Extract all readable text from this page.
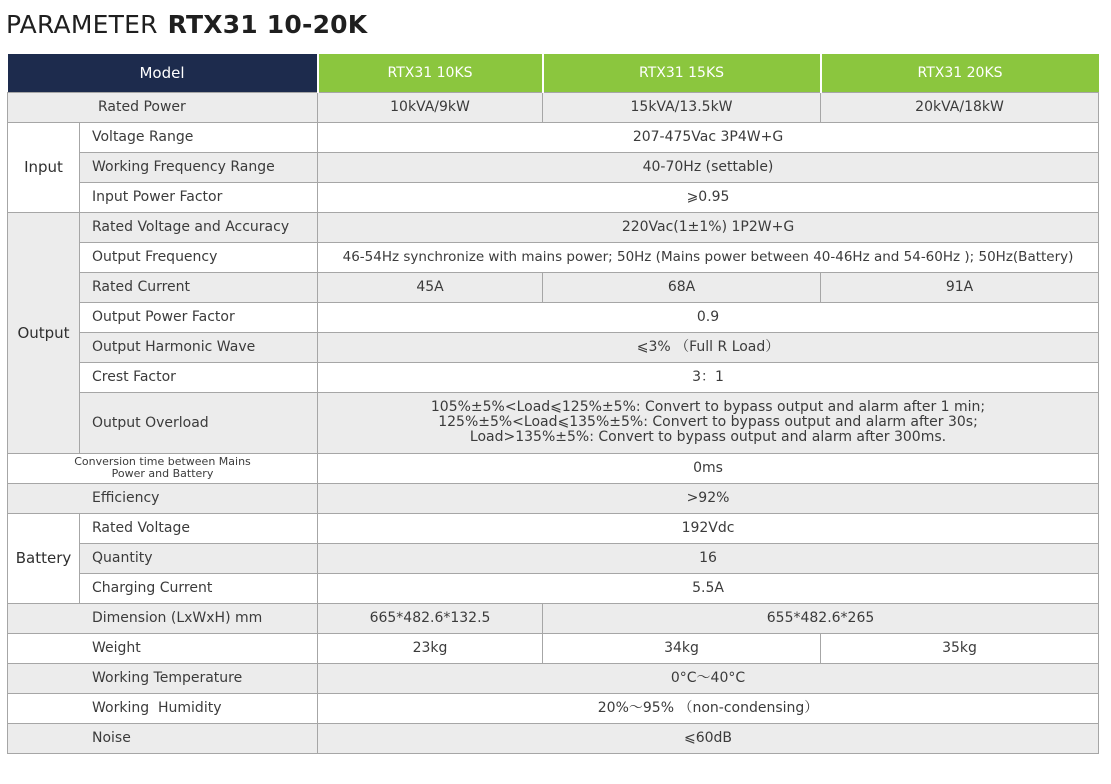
PARAMETER RTX31 10-20K
Model		RTX31 10KS	RTX31 15KS	RTX31 20KS
Rated Power		10kVA/9kW	15kVA/13.5kW	20kVA/18kW
Input	Voltage Range	207-475Vac 3P4W+G		
	Working Frequency Range	40-70Hz (settable)		
	Input Power Factor	⩾0.95		
Output	Rated Voltage and Accuracy	220Vac(1±1%) 1P2W+G		
	Output Frequency	46-54Hz synchronize with mains power; 50Hz (Mains power between 40-46Hz and 54-60Hz ); 50Hz(Battery)		
	Rated Current	45A	68A	91A
	Output Power Factor	0.9		
	Output Harmonic Wave	⩽3% （Full R Load）		
	Crest Factor	3：1		
	Output Overload	105%±5%<Load⩽125%±5%: Convert to bypass output and alarm after 1 min;
125%±5%<Load⩽135%±5%: Convert to bypass output and alarm after 30s;
Load>135%±5%: Convert to bypass output and alarm after 300ms.		

Conversion time between Mains
Power and Battery		0ms		
Efficiency		>92%		
Battery	Rated Voltage	192Vdc		
	Quantity	16		
	Charging Current	5.5A		
Dimension (LxWxH) mm		665*482.6*132.5	655*482.6*265	
Weight		23kg	34kg	35kg
Working Temperature		0°C～40°C		
Working  Humidity		20%～95% （non-condensing）		
Noise		⩽60dB		
